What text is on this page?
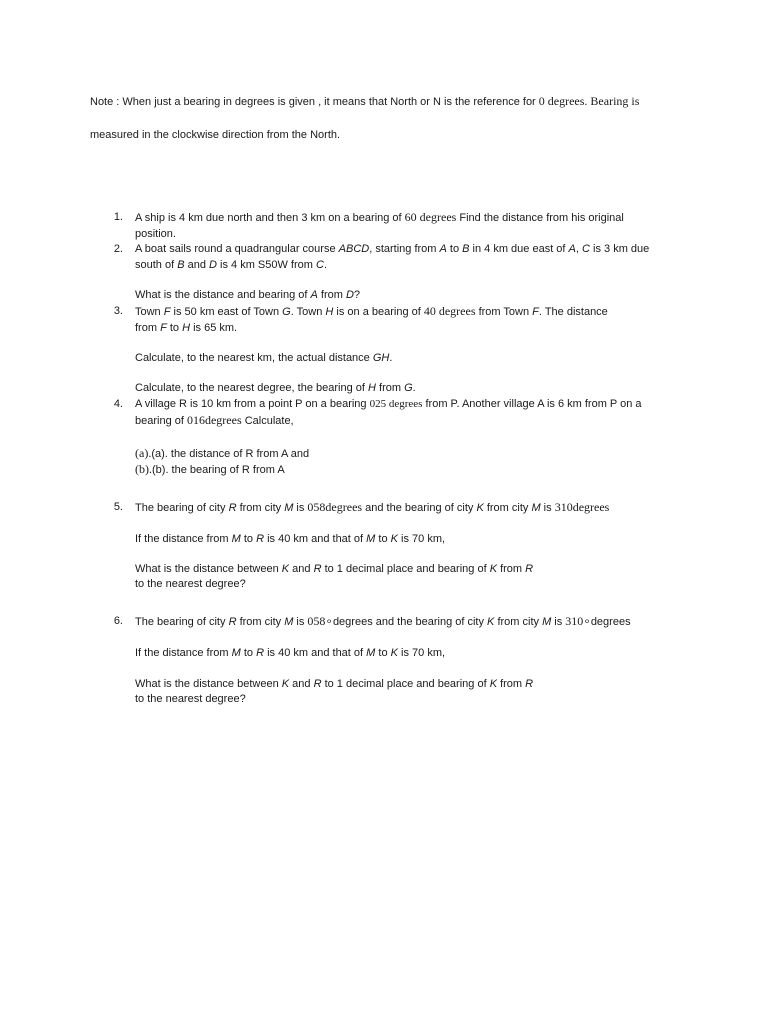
Note : When just a bearing in degrees is given , it means that North or N is the reference for 0 degrees. Bearing is
measured in the clockwise direction from the North.
1. A ship is 4 km due north and then 3 km on a bearing of 60 degrees Find the distance from his original
position.
2. A boat sails round a quadrangular course ABCD, starting from A to B in 4 km due east of A, C is 3 km due
south of B and D is 4 km S50W from C.
What is the distance and bearing of A from D?
3. Town F is 50 km east of Town G. Town H is on a bearing of 40 degrees from Town F. The distance
from F to H is 65 km.
Calculate, to the nearest km, the actual distance GH.
Calculate, to the nearest degree, the bearing of H from G.
4. A village R is 10 km from a point P on a bearing 025 degrees from P. Another village A is 6 km from P on a
bearing of 016degrees Calculate,
(a).(a). the distance of R from A and
(b).(b). the bearing of R from A
5. The bearing of city R from city M is 058degrees and the bearing of city K from city M is 310degrees
If the distance from M to R is 40 km and that of M to K is 70 km,
What is the distance between K and R to 1 decimal place and bearing of K from R
to the nearest degree?
6. The bearing of city R from city M is 058∘degrees and the bearing of city K from city M is 310∘degrees
If the distance from M to R is 40 km and that of M to K is 70 km,
What is the distance between K and R to 1 decimal place and bearing of K from R
to the nearest degree?
